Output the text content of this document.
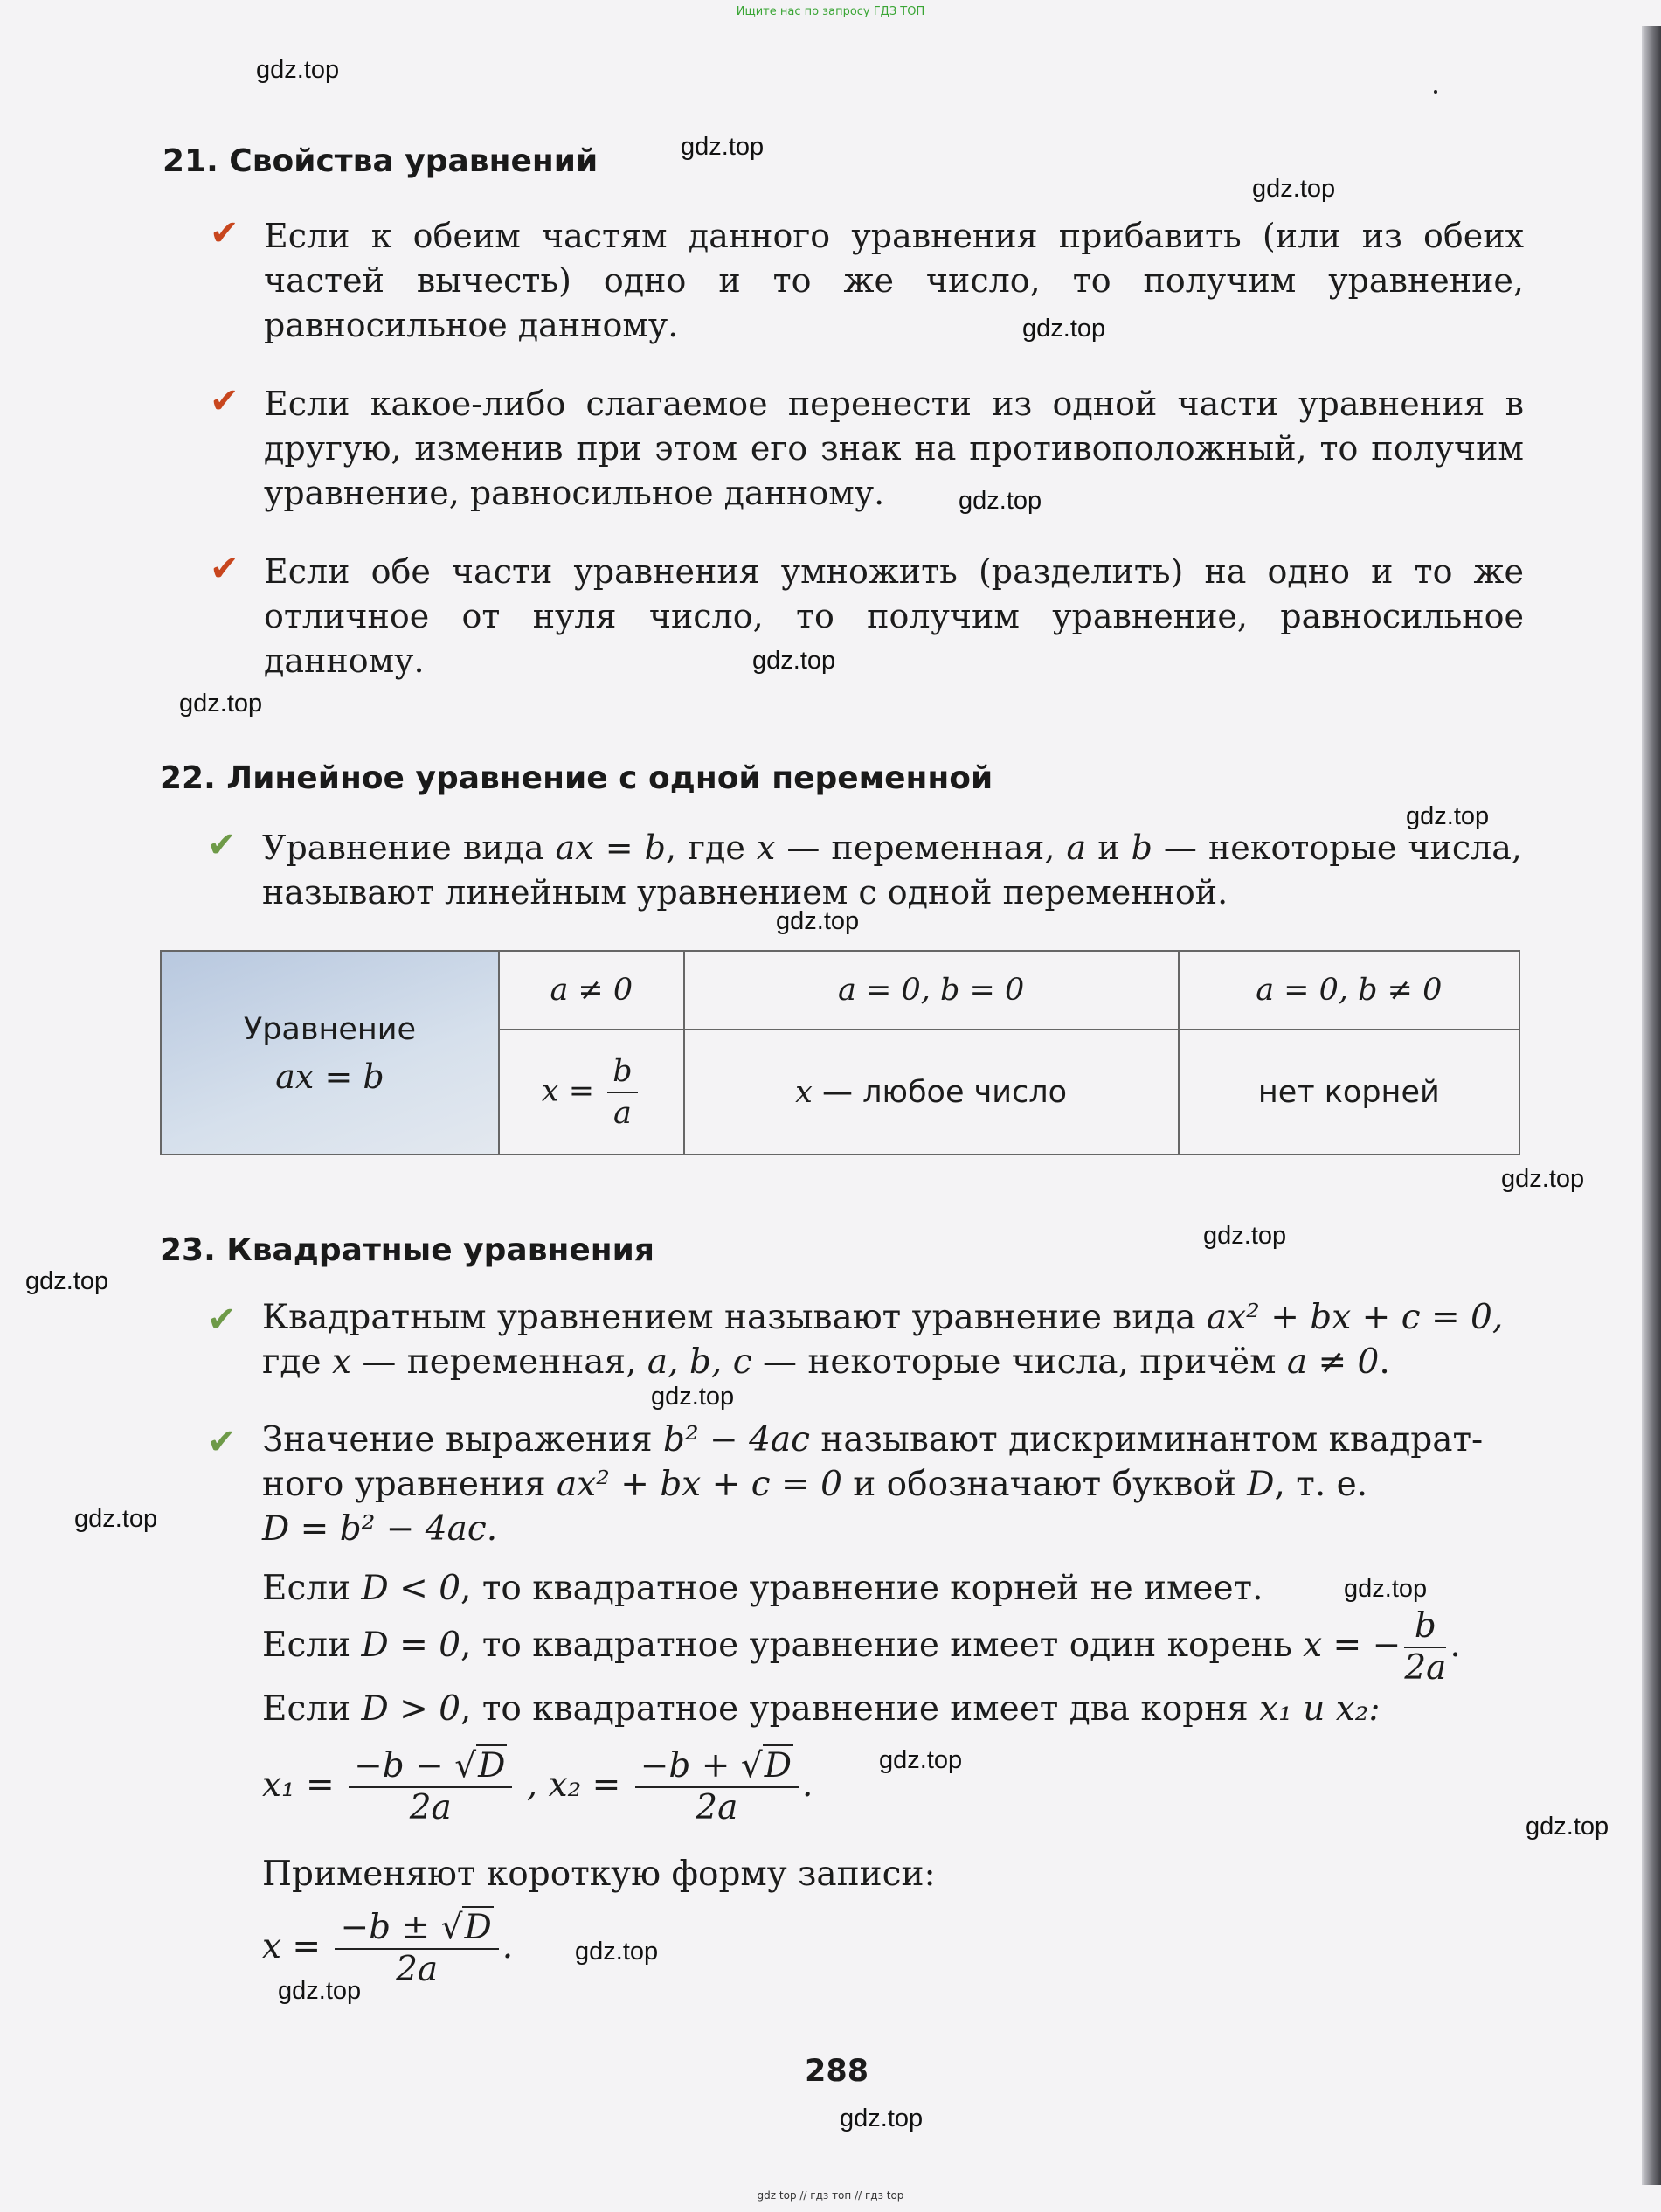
Ищите нас по запросу ГДЗ ТОП
gdz.top
gdz.top
gdz.top
gdz.top
gdz.top
gdz.top
gdz.top
gdz.top
gdz.top
gdz.top
gdz.top
gdz.top
gdz.top
gdz.top
gdz.top
gdz.top
gdz.top
gdz.top
gdz.top
gdz.top
21. Свойства уравнений
✔ Если к обеим частям данного уравнения прибавить (или из обеих частей вычесть) одно и то же число, то получим уравнение, равносильное данному.
✔ Если какое-либо слагаемое перенести из одной части уравнения в другую, изменив при этом его знак на противоположный, то получим уравнение, равносильное данному.
✔ Если обе части уравнения умножить (разделить) на одно и то же отличное от нуля число, то получим уравнение, равносильное данному.
22. Линейное уравнение с одной переменной
✔ Уравнение вида ax = b, где x — переменная, a и b — некоторые числа, называют линейным уравнением с одной переменной.
Уравнение
ax = b	a ≠ 0	a = 0, b = 0	a = 0, b ≠ 0
	$x = \frac{b}{a}$	x — любое число	нет корней
23. Квадратные уравнения
✔ Квадратным уравнением называют уравнение вида ax² + bx + c = 0,
где x — переменная, a, b, c — некоторые числа, причём a ≠ 0.
✔ Значение выражения b² − 4ac называют дискриминантом квадрат-
ного уравнения ax² + bx + c = 0 и обозначают буквой D, т. е.
D = b² − 4ac.
Если D < 0, то квадратное уравнение корней не имеет.
Если D = 0, то квадратное уравнение имеет один корень x = − $\frac{b}{2a}$ .
Если D > 0, то квадратное уравнение имеет два корня x₁ и x₂:
$x_1 = \frac{-b - √D}{2a}$ , $x_2 = \frac{-b + √D}{2a}$ .
Применяют короткую форму записи:
$x = \frac{-b \pm √D}{2a}$ .
288
gdz top // гдз топ // гдз top
